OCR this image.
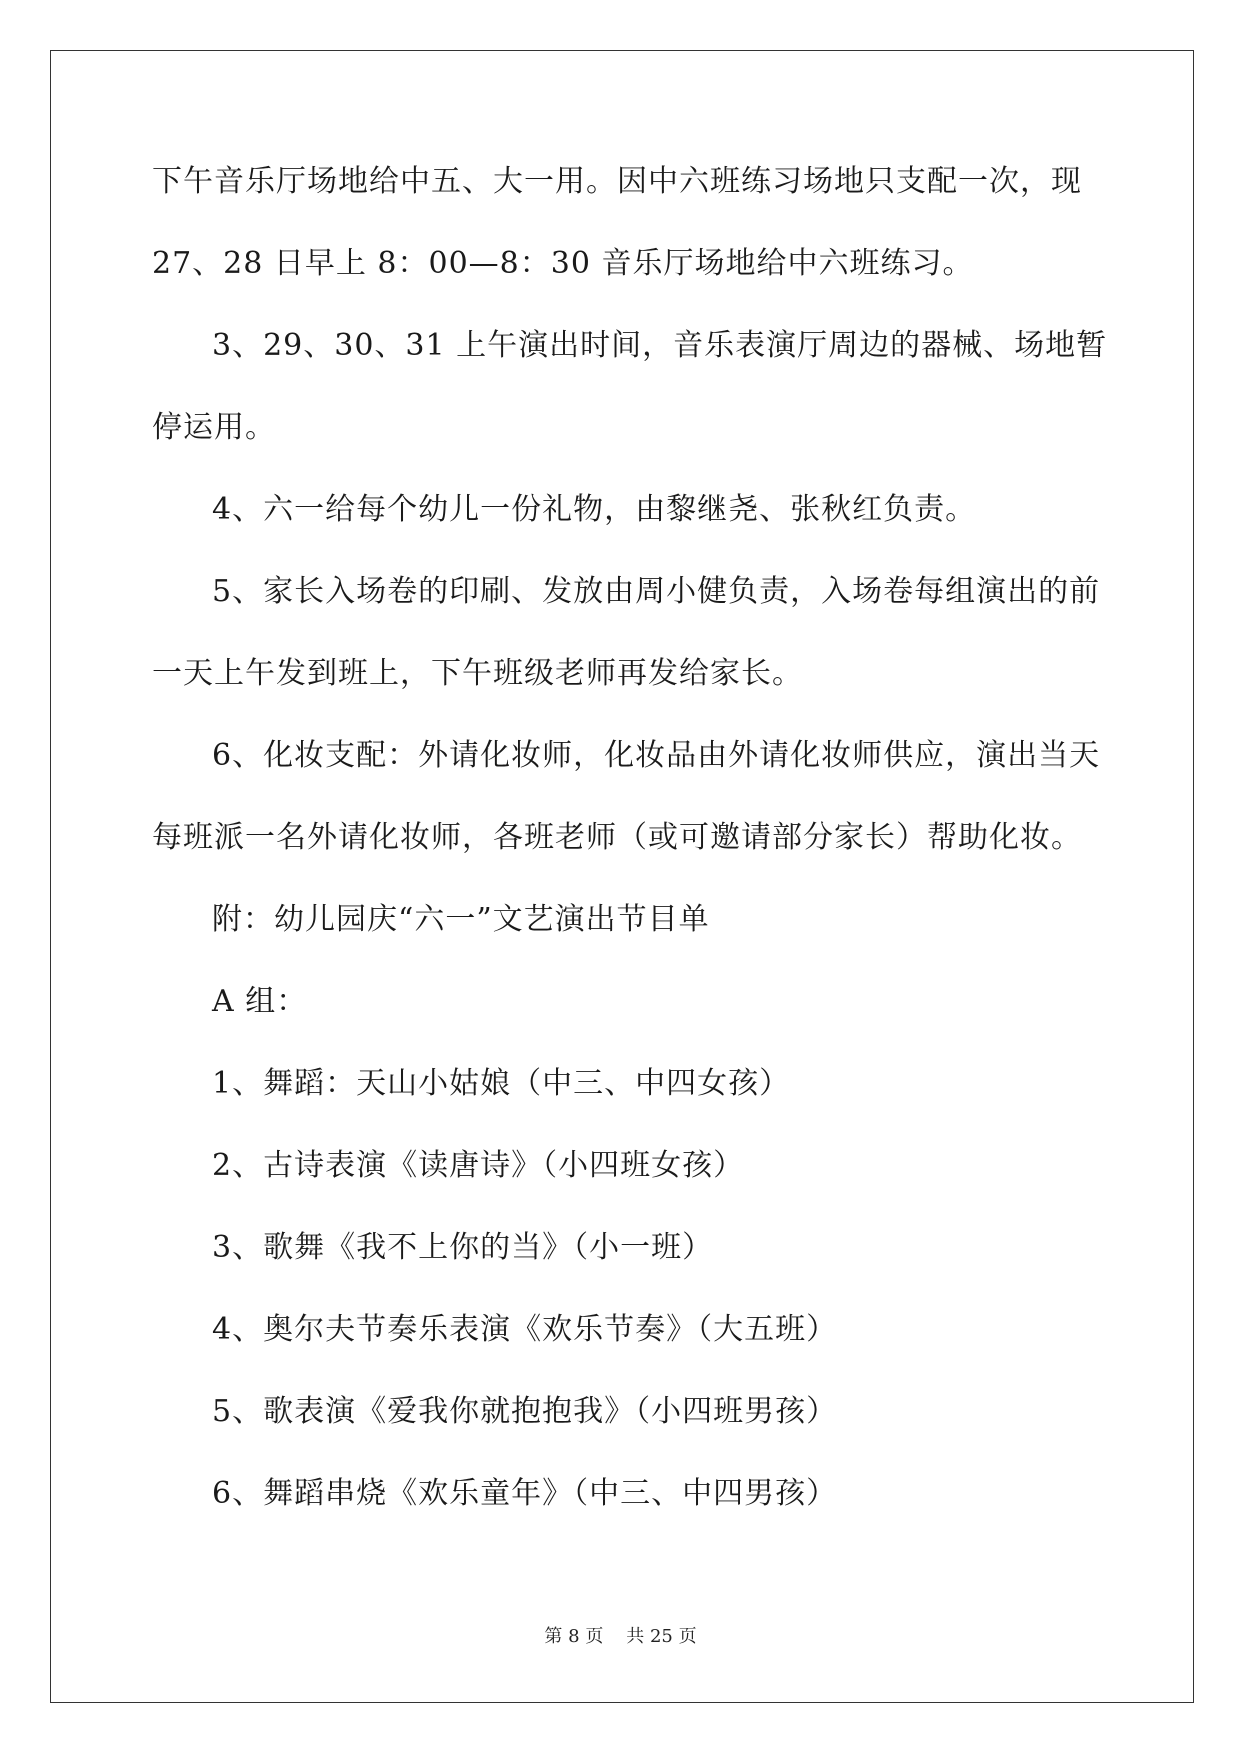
下午音乐厅场地给中五、大一用。因中六班练习场地只支配一次，现
27、28 日早上 8：00—8：30 音乐厅场地给中六班练习。
3、29、30、31 上午演出时间，音乐表演厅周边的器械、场地暂
停运用。
4、六一给每个幼儿一份礼物，由黎继尧、张秋红负责。
5、家长入场卷的印刷、发放由周小健负责，入场卷每组演出的前
一天上午发到班上，下午班级老师再发给家长。
6、化妆支配：外请化妆师，化妆品由外请化妆师供应，演出当天
每班派一名外请化妆师，各班老师（或可邀请部分家长）帮助化妆。
附：幼儿园庆“六一”文艺演出节目单
A 组：
1、舞蹈：天山小姑娘（中三、中四女孩）
2、古诗表演《读唐诗》（小四班女孩）
3、歌舞《我不上你的当》（小一班）
4、奥尔夫节奏乐表演《欢乐节奏》（大五班）
5、歌表演《爱我你就抱抱我》（小四班男孩）
6、舞蹈串烧《欢乐童年》（中三、中四男孩）
第 8 页 共 25 页
